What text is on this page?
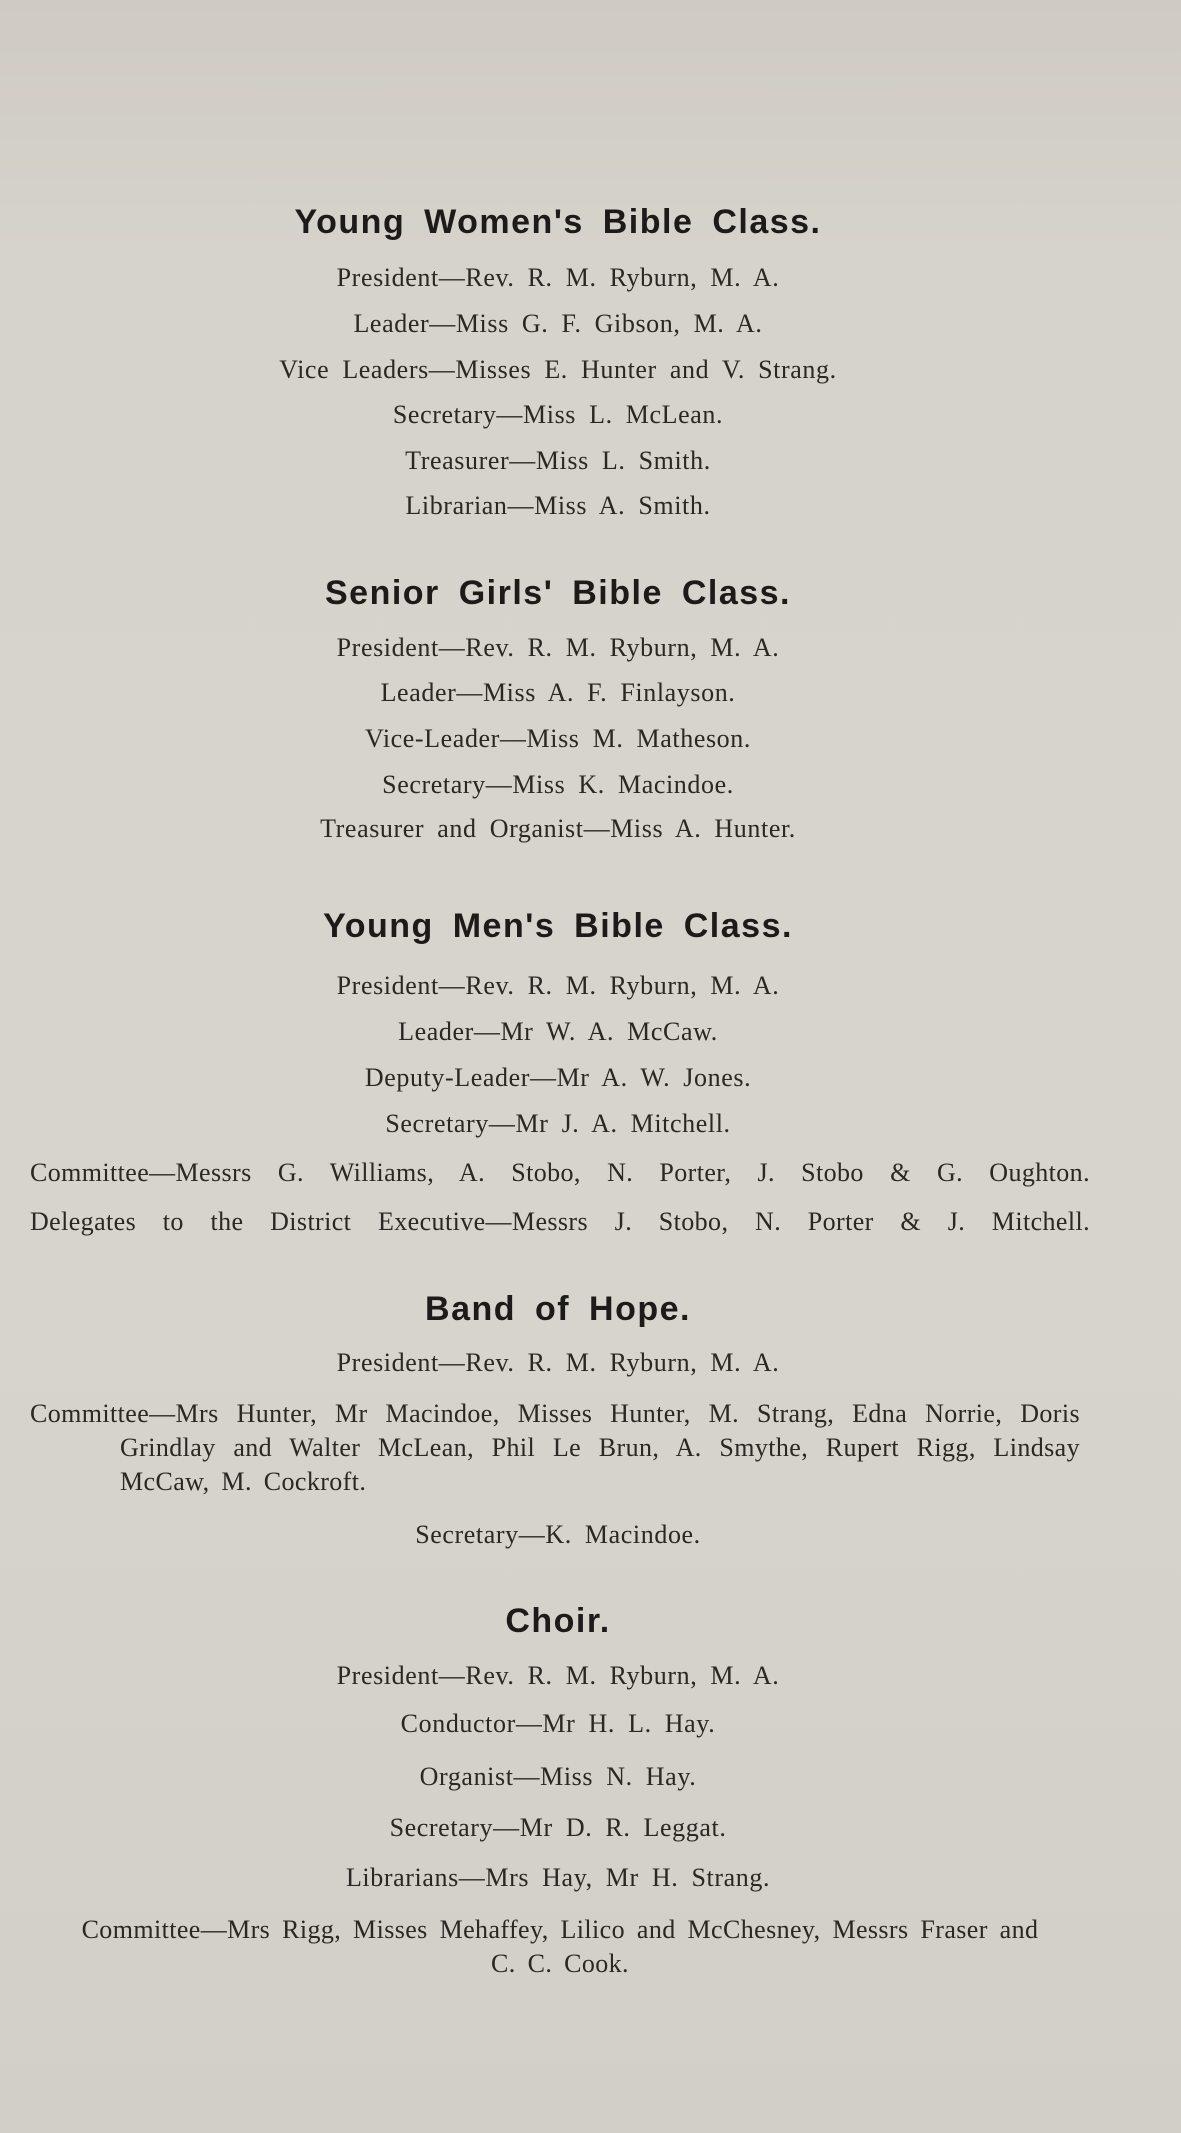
Young Women's Bible Class.
President—Rev. R. M. Ryburn, M. A.
Leader—Miss G. F. Gibson, M. A.
Vice Leaders—Misses E. Hunter and V. Strang.
Secretary—Miss L. McLean.
Treasurer—Miss L. Smith.
Librarian—Miss A. Smith.
Senior Girls' Bible Class.
President—Rev. R. M. Ryburn, M. A.
Leader—Miss A. F. Finlayson.
Vice-Leader—Miss M. Matheson.
Secretary—Miss K. Macindoe.
Treasurer and Organist—Miss A. Hunter.
Young Men's Bible Class.
President—Rev. R. M. Ryburn, M. A.
Leader—Mr W. A. McCaw.
Deputy-Leader—Mr A. W. Jones.
Secretary—Mr J. A. Mitchell.
Committee—Messrs G. Williams, A. Stobo, N. Porter, J. Stobo & G. Oughton.
Delegates to the District Executive—Messrs J. Stobo, N. Porter & J. Mitchell.
Band of Hope.
President—Rev. R. M. Ryburn, M. A.
Committee—Mrs Hunter, Mr Macindoe, Misses Hunter, M. Strang, Edna Norrie, Doris Grindlay and Walter McLean, Phil Le Brun, A. Smythe, Rupert Rigg, Lindsay McCaw, M. Cockroft.
Secretary—K. Macindoe.
Choir.
President—Rev. R. M. Ryburn, M. A.
Conductor—Mr H. L. Hay.
Organist—Miss N. Hay.
Secretary—Mr D. R. Leggat.
Librarians—Mrs Hay, Mr H. Strang.
Committee—Mrs Rigg, Misses Mehaffey, Lilico and McChesney, Messrs Fraser and C. C. Cook.
